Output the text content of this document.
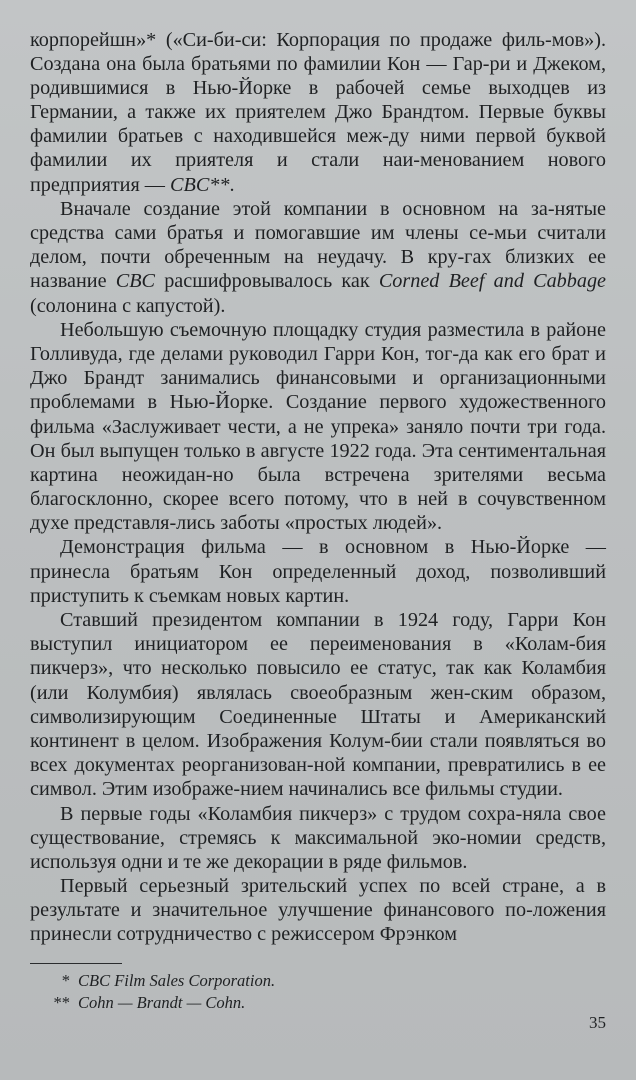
корпорейшн»* («Си-би-си: Корпорация по продаже филь-мов»). Создана она была братьями по фамилии Кон — Гар-ри и Джеком, родившимися в Нью-Йорке в рабочей семье выходцев из Германии, а также их приятелем Джо Брандтом. Первые буквы фамилии братьев с находившейся меж-ду ними первой буквой фамилии их приятеля и стали наи-менованием нового предприятия — CBC**.

Вначале создание этой компании в основном на за-нятые средства сами братья и помогавшие им члены се-мьи считали делом, почти обреченным на неудачу. В кру-гах близких ее название CBC расшифровывалось как Corned Beef and Cabbage (солонина с капустой).

Небольшую съемочную площадку студия разместила в районе Голливуда, где делами руководил Гарри Кон, тог-да как его брат и Джо Брандт занимались финансовыми и организационными проблемами в Нью-Йорке. Создание первого художественного фильма «Заслуживает чести, а не упрека» заняло почти три года. Он был выпущен только в августе 1922 года. Эта сентиментальная картина неожидан-но была встречена зрителями весьма благосклонно, скорее всего потому, что в ней в сочувственном духе представля-лись заботы «простых людей».

Демонстрация фильма — в основном в Нью-Йорке — принесла братьям Кон определенный доход, позволивший приступить к съемкам новых картин.

Ставший президентом компании в 1924 году, Гарри Кон выступил инициатором ее переименования в «Колам-бия пикчерз», что несколько повысило ее статус, так как Коламбия (или Колумбия) являлась своеобразным жен-ским образом, символизирующим Соединенные Штаты и Американский континент в целом. Изображения Колум-бии стали появляться во всех документах реорганизован-ной компании, превратились в ее символ. Этим изображе-нием начинались все фильмы студии.

В первые годы «Коламбия пикчерз» с трудом сохра-няла свое существование, стремясь к максимальной эко-номии средств, используя одни и те же декорации в ряде фильмов.

Первый серьезный зрительский успех по всей стране, а в результате и значительное улучшение финансового по-ложения принесли сотрудничество с режиссером Фрэнком

* CBC Film Sales Corporation.
** Cohn — Brandt — Cohn.
35
